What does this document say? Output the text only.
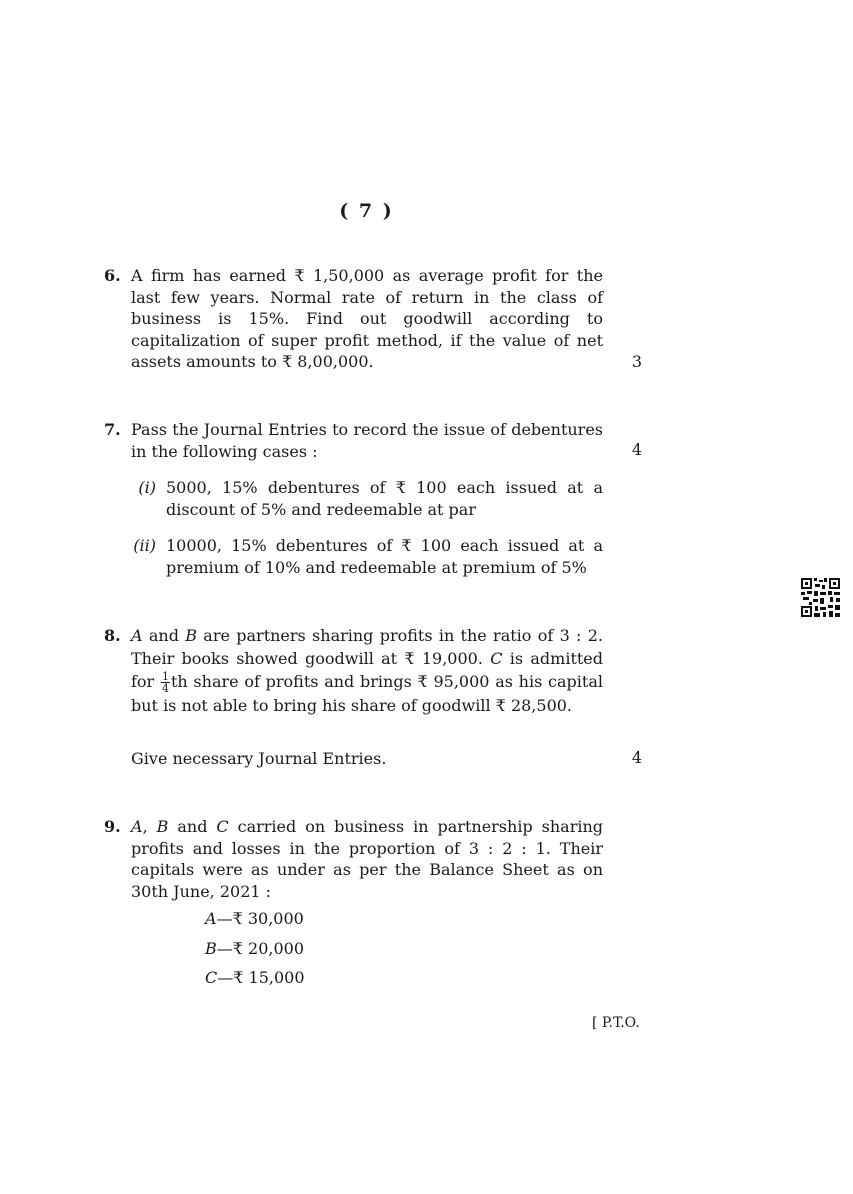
( 7 )
6. A firm has earned ₹ 1,50,000 as average profit for the last few years. Normal rate of return in the class of business is 15%. Find out goodwill according to capitalization of super profit method, if the value of net assets amounts to ₹ 8,00,000.	3
7. Pass the Journal Entries to record the issue of debentures in the following cases :	4
(i) 5000, 15% debentures of ₹ 100 each issued at a discount of 5% and redeemable at par
(ii) 10000, 15% debentures of ₹ 100 each issued at a premium of 10% and redeemable at premium of 5%
8. A and B are partners sharing profits in the ratio of 3 : 2. Their books showed goodwill at ₹ 19,000. C is admitted for $\frac{1}{4}$ th share of profits and brings ₹ 95,000 as his capital but is not able to bring his share of goodwill ₹ 28,500.
Give necessary Journal Entries.	4
9. A, B and C carried on business in partnership sharing profits and losses in the proportion of 3 : 2 : 1. Their capitals were as under as per the Balance Sheet as on 30th June, 2021 :
A—₹ 30,000
B—₹ 20,000
C—₹ 15,000
[ P.T.O.
